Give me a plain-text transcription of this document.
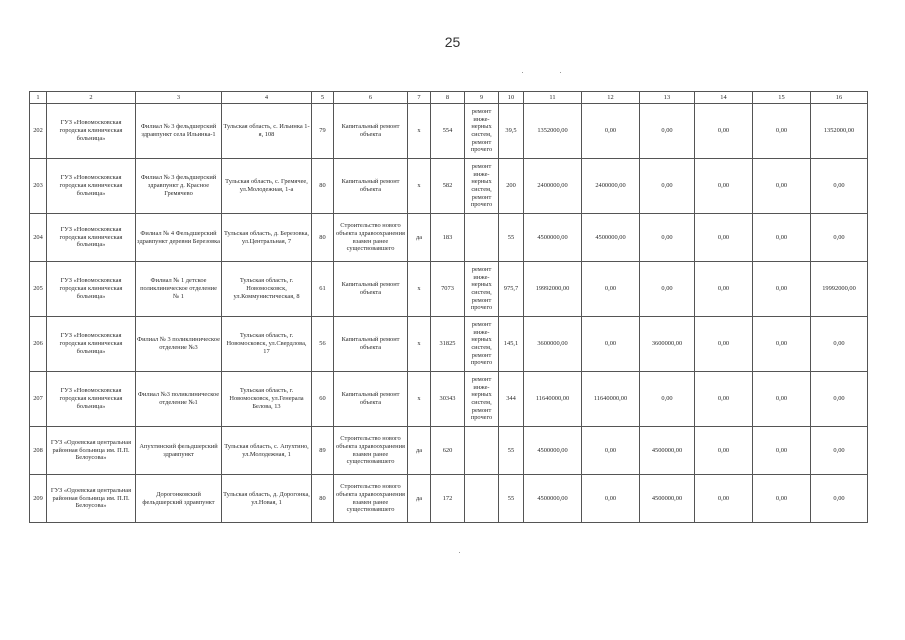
25
1	2	3	4	5	6	7	8	9	10	11	12	13	14	15	16
202	ГУЗ «Новомосковская городская клиническая больница»	Филиал № 3 фельдшерский здравпункт села Ильинка-1	Тульская область, с. Ильинка 1-я, 108	79	Капитальный ремонт объекта	х	554	ремонт инже-нерных систем, ремонт прочего	39,5	1352000,00	0,00	0,00	0,00	0,00	1352000,00
203	ГУЗ «Новомосковская городская клиническая больница»	Филиал № 3 фельдшерский здравпункт д. Красное Гремячево	Тульская область, с. Гремячее, ул.Молодежная, 1-а	80	Капитальный ремонт объекта	х	582	ремонт инже-нерных систем, ремонт прочего	200	2400000,00	2400000,00	0,00	0,00	0,00	0,00
204	ГУЗ «Новомосковская городская клиническая больница»	Филиал № 4 Фельдшерский здравпункт деревни Березовка	Тульская область, д. Березовка, ул.Центральная, 7	80	Строительство нового объекта здравоохранения взамен ранее существовавшего	да	183		55	4500000,00	4500000,00	0,00	0,00	0,00	0,00
205	ГУЗ «Новомосковская городская клиническая больница»	Филиал № 1 детское поликлиническое отделение № 1	Тульская область, г. Новомосковск, ул.Коммунистическая, 8	61	Капитальный ремонт объекта	х	7073	ремонт инже-нерных систем, ремонт прочего	975,7	19992000,00	0,00	0,00	0,00	0,00	19992000,00
206	ГУЗ «Новомосковская городская клиническая больница»	Филиал № 3 поликлиническое отделение №3	Тульская область, г. Новомосковск, ул.Свердлова, 17	56	Капитальный ремонт объекта	х	31825	ремонт инже-нерных систем, ремонт прочего	145,1	3600000,00	0,00	3600000,00	0,00	0,00	0,00
207	ГУЗ «Новомосковская городская клиническая больница»	Филиал №3 поликлиническое отделение №1	Тульская область, г. Новомосковск, ул.Генерала Белова, 13	60	Капитальный ремонт объекта	х	30343	ремонт инже-нерных систем, ремонт прочего	344	11640000,00	11640000,00	0,00	0,00	0,00	0,00
208	ГУЗ «Одоевская центральная районная больница им. П.П. Белоусова»	Апухтинский фельдшерский здравпункт	Тульская область, с. Апухтино, ул.Молодежная, 1	89	Строительство нового объекта здравоохранения взамен ранее существовавшего	да	620		55	4500000,00	0,00	4500000,00	0,00	0,00	0,00
209	ГУЗ «Одоевская центральная районная больница им. П.П. Белоусова»	Дорогонковский фельдшерский здравпункт	Тульская область, д. Дорогонка, ул.Новая, 1	80	Строительство нового объекта здравоохранения взамен ранее существовавшего	да	172		55	4500000,00	0,00	4500000,00	0,00	0,00	0,00
